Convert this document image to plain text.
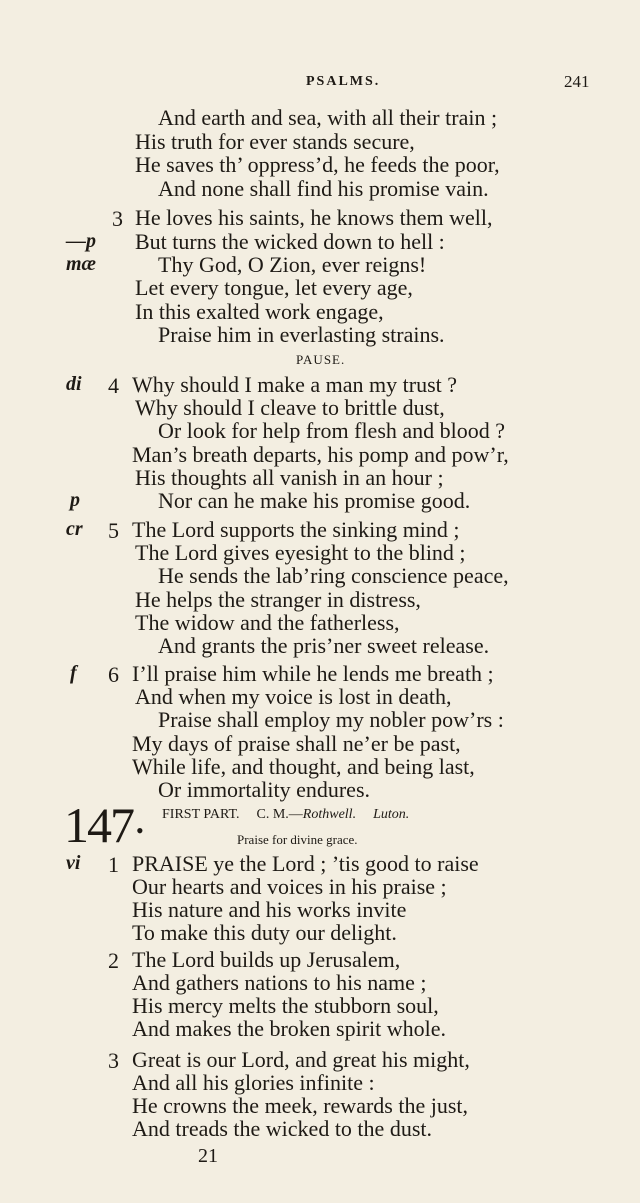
PSALMS.	241
And earth and sea, with all their train ;
His truth for ever stands secure,
He saves th’ oppress’d, he feeds the poor,
And none shall find his promise vain.
3 He loves his saints, he knows them well,
—p But turns the wicked down to hell :
mæ	Thy God, O Zion, ever reigns!
Let every tongue, let every age,
In this exalted work engage,
Praise him in everlasting strains.
PAUSE.
di 4 Why should I make a man my trust ?
Why should I cleave to brittle dust,
Or look for help from flesh and blood ?
Man’s breath departs, his pomp and pow’r,
His thoughts all vanish in an hour ;
p	Nor can he make his promise good.
cr 5 The Lord supports the sinking mind ;
The Lord gives eyesight to the blind ;
He sends the lab’ring conscience peace,
He helps the stranger in distress,
The widow and the fatherless,
And grants the pris’ner sweet release.
f 6 I’ll praise him while he lends me breath ;
And when my voice is lost in death,
Praise shall employ my nobler pow’rs :
My days of praise shall ne’er be past,
While life, and thought, and being last,
Or immortality endures.
147 •
FIRST PART. C. M.—Rothwell. Luton.
Praise for divine grace.
vi 1 PRAISE ye the Lord ; ’tis good to raise
Our hearts and voices in his praise ;
His nature and his works invite
To make this duty our delight.
2 The Lord builds up Jerusalem,
And gathers nations to his name ;
His mercy melts the stubborn soul,
And makes the broken spirit whole.
3 Great is our Lord, and great his might,
And all his glories infinite :
He crowns the meek, rewards the just,
And treads the wicked to the dust.
21
